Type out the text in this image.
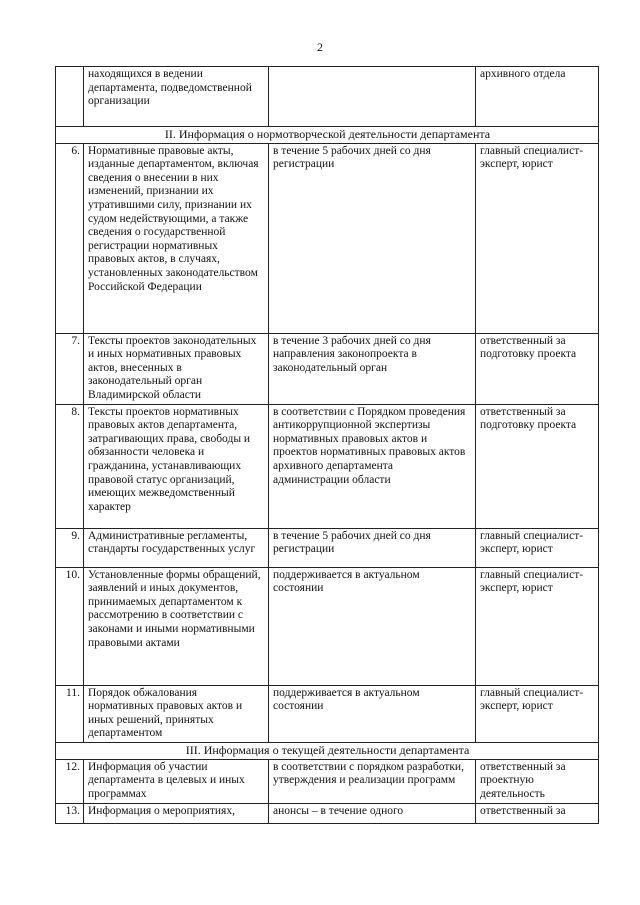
2
	находящихся в ведении департамента, подведомственной организации		архивного отдела
II. Информация о нормотворческой деятельности департамента			
6.	Нормативные правовые акты, изданные департаментом, включая сведения о внесении в них изменений, признании их утратившими силу, признании их судом недействующими, а также сведения о государственной регистрации нормативных правовых актов, в случаях, установленных законодательством Российской Федерации	в течение 5 рабочих дней со дня регистрации	главный специалист-эксперт, юрист
7.	Тексты проектов законодательных и иных нормативных правовых актов, внесенных в законодательный орган Владимирской области	в течение 3 рабочих дней со дня направления законопроекта в законодательный орган	ответственный за подготовку проекта
8.	Тексты проектов нормативных правовых актов департамента, затрагивающих права, свободы и обязанности человека и гражданина, устанавливающих правовой статус организаций, имеющих межведомственный характер	в соответствии с Порядком проведения антикоррупционной экспертизы нормативных правовых актов и проектов нормативных правовых актов архивного департамента администрации области	ответственный за подготовку проекта
9.	Административные регламенты, стандарты государственных услуг	в течение 5 рабочих дней со дня регистрации	главный специалист-эксперт, юрист
10.	Установленные формы обращений, заявлений и иных документов, принимаемых департаментом к рассмотрению в соответствии с законами и иными нормативными правовыми актами	поддерживается в актуальном состоянии	главный специалист-эксперт, юрист
11.	Порядок обжалования нормативных правовых актов и иных решений, принятых департаментом	поддерживается в актуальном состоянии	главный специалист-эксперт, юрист
III. Информация о текущей деятельности департамента			
12.	Информация об участии департамента в целевых и иных программах	в соответствии с порядком разработки, утверждения и реализации программ	ответственный за проектную деятельность
13.	Информация о мероприятиях,	анонсы – в течение одного	ответственный за
